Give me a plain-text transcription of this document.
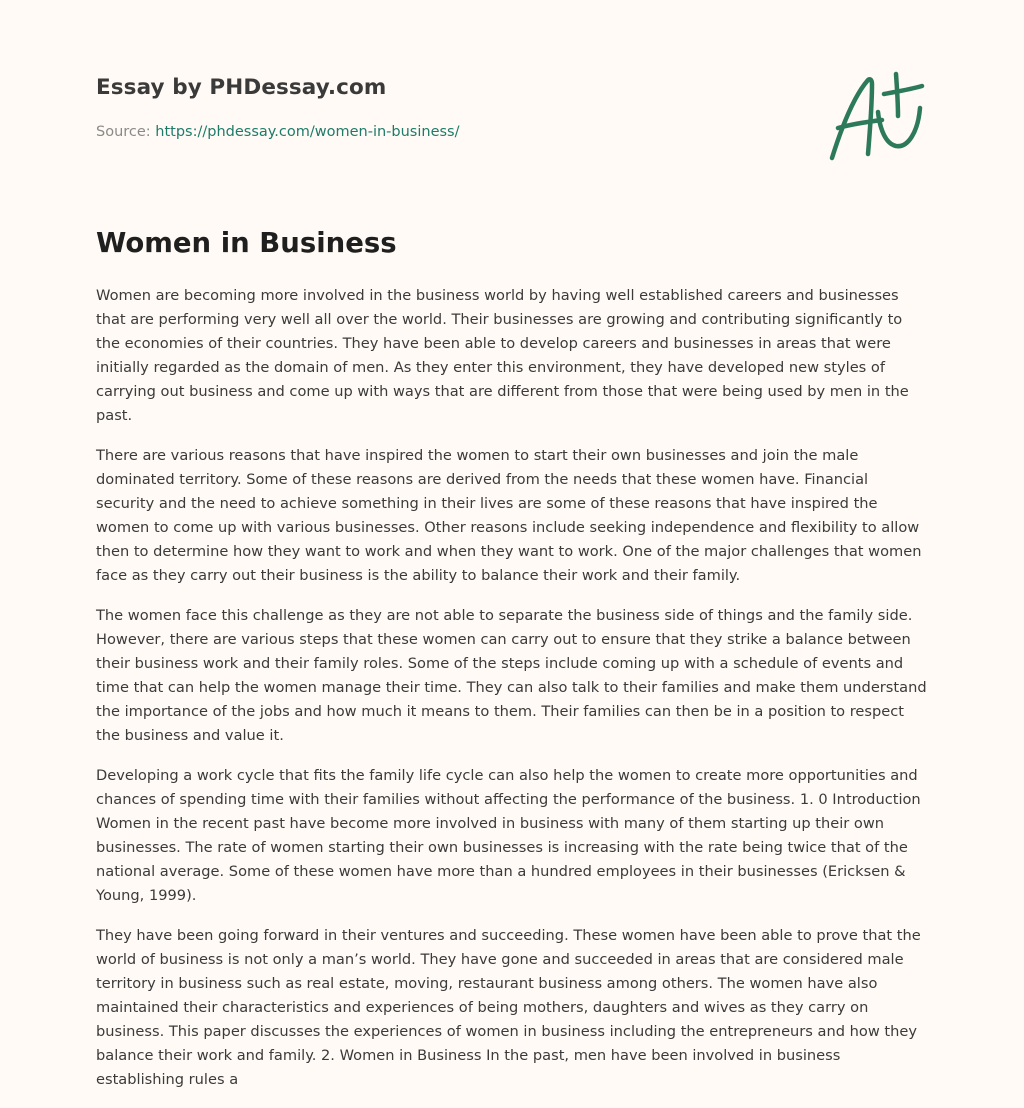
Essay by PHDessay.com
Source: https://phdessay.com/women-in-business/
Women in Business

Women are becoming more involved in the business world by having well established careers and businesses that are performing very well all over the world. Their businesses are growing and contributing significantly to the economies of their countries. They have been able to develop careers and businesses in areas that were initially regarded as the domain of men. As they enter this environment, they have developed new styles of carrying out business and come up with ways that are different from those that were being used by men in the past.

There are various reasons that have inspired the women to start their own businesses and join the male dominated territory. Some of these reasons are derived from the needs that these women have. Financial security and the need to achieve something in their lives are some of these reasons that have inspired the women to come up with various businesses. Other reasons include seeking independence and flexibility to allow then to determine how they want to work and when they want to work. One of the major challenges that women face as they carry out their business is the ability to balance their work and their family.

The women face this challenge as they are not able to separate the business side of things and the family side. However, there are various steps that these women can carry out to ensure that they strike a balance between their business work and their family roles. Some of the steps include coming up with a schedule of events and time that can help the women manage their time. They can also talk to their families and make them understand the importance of the jobs and how much it means to them. Their families can then be in a position to respect the business and value it.

Developing a work cycle that fits the family life cycle can also help the women to create more opportunities and chances of spending time with their families without affecting the performance of the business. 1. 0 Introduction Women in the recent past have become more involved in business with many of them starting up their own businesses. The rate of women starting their own businesses is increasing with the rate being twice that of the national average. Some of these women have more than a hundred employees in their businesses (Ericksen & Young, 1999).

They have been going forward in their ventures and succeeding. These women have been able to prove that the world of business is not only a man’s world. They have gone and succeeded in areas that are considered male territory in business such as real estate, moving, restaurant business among others. The women have also maintained their characteristics and experiences of being mothers, daughters and wives as they carry on business. This paper discusses the experiences of women in business including the entrepreneurs and how they balance their work and family. 2. Women in Business In the past, men have been involved in business establishing rules a
